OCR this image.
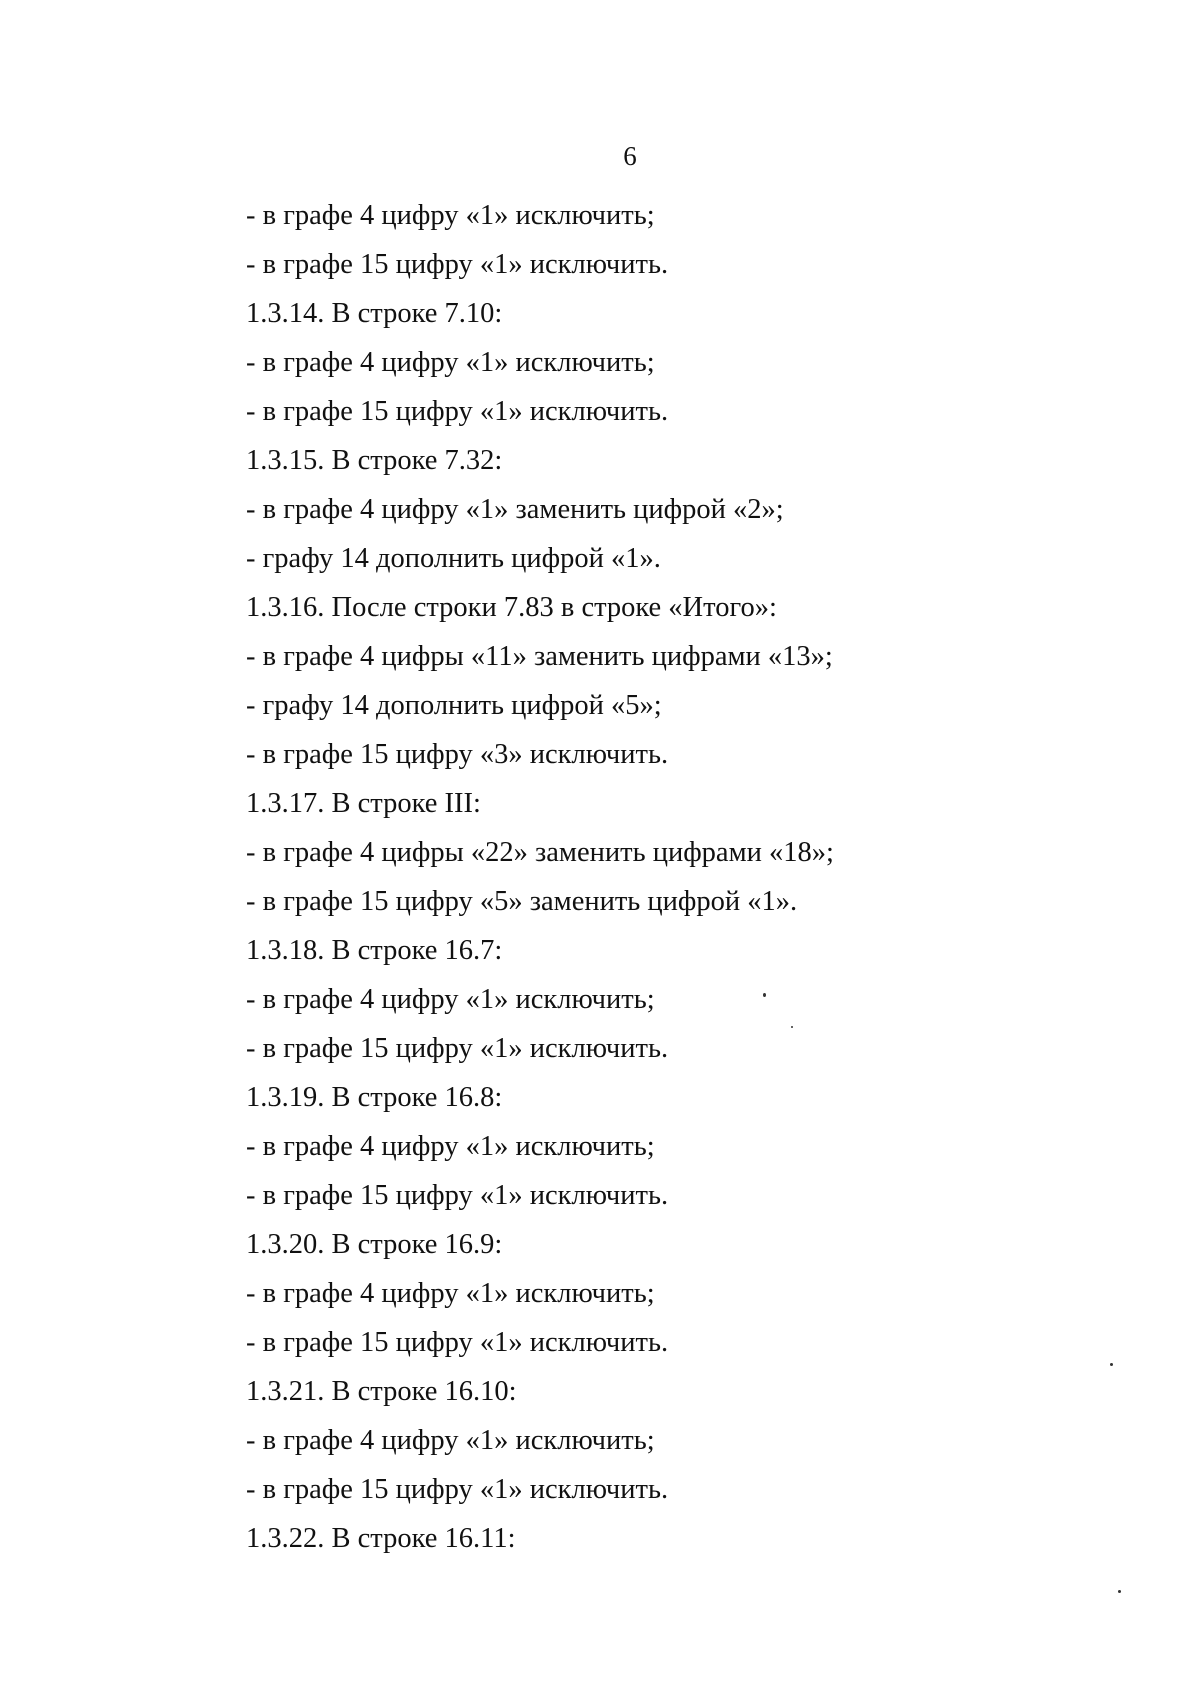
6
- в графе 4 цифру «1» исключить;
- в графе 15 цифру «1» исключить.
1.3.14. В строке 7.10:
- в графе 4 цифру «1» исключить;
- в графе 15 цифру «1» исключить.
1.3.15. В строке 7.32:
- в графе 4 цифру «1» заменить цифрой «2»;
- графу 14 дополнить цифрой «1».
1.3.16. После строки 7.83 в строке «Итого»:
- в графе 4 цифры «11» заменить цифрами «13»;
- графу 14 дополнить цифрой «5»;
- в графе 15 цифру «3» исключить.
1.3.17. В строке III:
- в графе 4 цифры «22» заменить цифрами «18»;
- в графе 15 цифру «5» заменить цифрой «1».
1.3.18. В строке 16.7:
- в графе 4 цифру «1» исключить;
- в графе 15 цифру «1» исключить.
1.3.19. В строке 16.8:
- в графе 4 цифру «1» исключить;
- в графе 15 цифру «1» исключить.
1.3.20. В строке 16.9:
- в графе 4 цифру «1» исключить;
- в графе 15 цифру «1» исключить.
1.3.21. В строке 16.10:
- в графе 4 цифру «1» исключить;
- в графе 15 цифру «1» исключить.
1.3.22. В строке 16.11:
